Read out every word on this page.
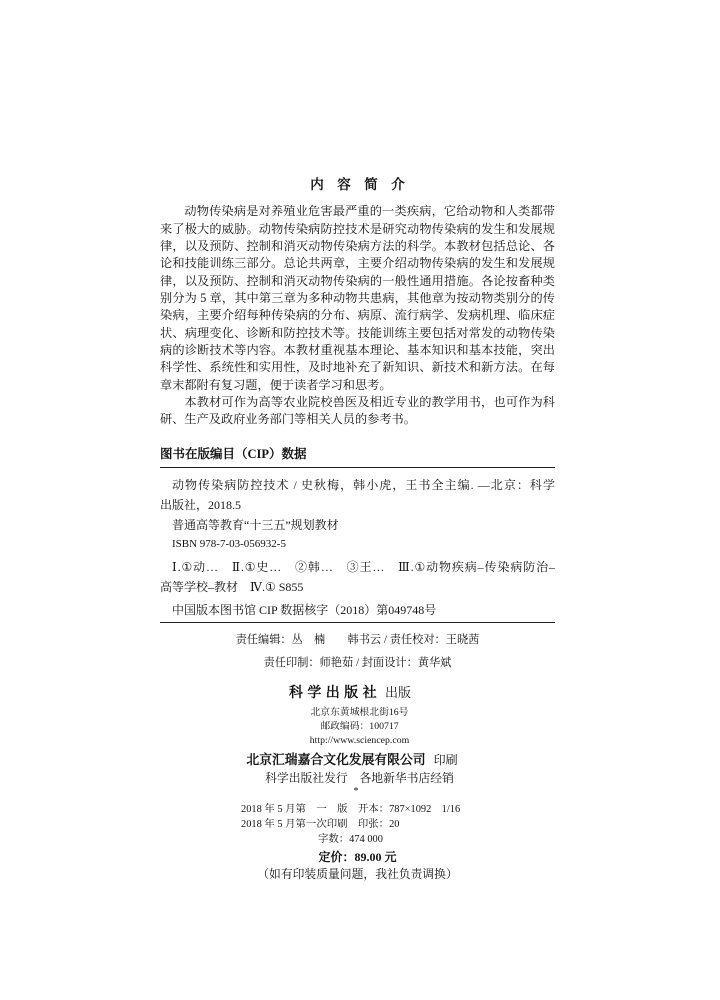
内容简介
动物传染病是对养殖业危害最严重的一类疾病，它给动物和人类都带
来了极大的威胁。动物传染病防控技术是研究动物传染病的发生和发展规
律，以及预防、控制和消灭动物传染病方法的科学。本教材包括总论、各
论和技能训练三部分。总论共两章，主要介绍动物传染病的发生和发展规
律，以及预防、控制和消灭动物传染病的一般性通用措施。各论按畜种类
别分为 5 章，其中第三章为多种动物共患病，其他章为按动物类别分的传
染病，主要介绍每种传染病的分布、病原、流行病学、发病机理、临床症
状、病理变化、诊断和防控技术等。技能训练主要包括对常发的动物传染
病的诊断技术等内容。本教材重视基本理论、基本知识和基本技能，突出
科学性、系统性和实用性，及时地补充了新知识、新技术和新方法。在每
章末都附有复习题，便于读者学习和思考。
本教材可作为高等农业院校兽医及相近专业的教学用书，也可作为科
研、生产及政府业务部门等相关人员的参考书。
图书在版编目（CIP）数据
动物传染病防控技术 / 史秋梅，韩小虎，王书全主编. —北京：科学
出版社，2018.5
普通高等教育“十三五”规划教材
ISBN 978-7-03-056932-5
Ⅰ.①动…　Ⅱ.①史…　②韩…　③王…　Ⅲ.①动物疾病–传染病防治–
高等学校–教材　Ⅳ.① S855
中国版本图书馆 CIP 数据核字（2018）第049748号
责任编辑：丛　楠　　韩书云 / 责任校对：王晓茜
责任印制：师艳茹 / 封面设计：黄华斌
科学出版社 出版
北京东黄城根北街16号
邮政编码：100717
http://www.sciencep.com
北京汇瑞嘉合文化发展有限公司 印刷
科学出版社发行　各地新华书店经销
*
2018 年 5 月第　一　版　开本：787×1092　1/16
2018 年 5 月第一次印刷　印张：20
字数：474 000
定价：89.00 元
（如有印装质量问题，我社负责调换）
